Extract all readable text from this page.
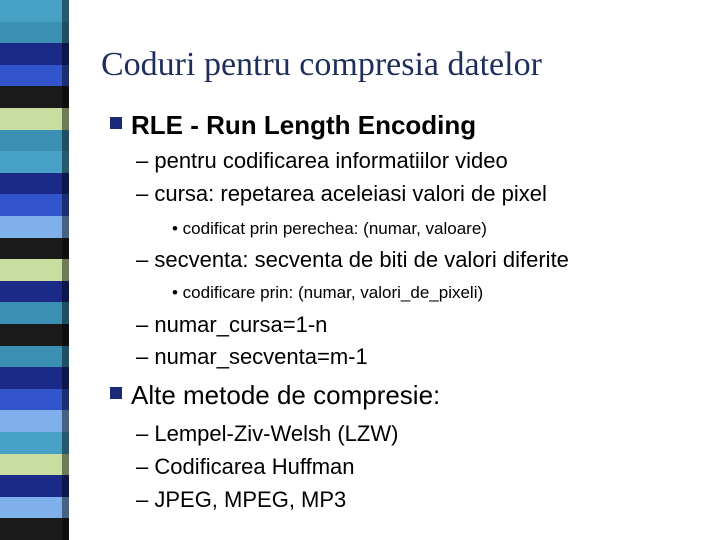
Coduri pentru compresia datelor
RLE - Run Length Encoding
– pentru codificarea informatiilor video
– cursa: repetarea aceleiasi valori de pixel
• codificat prin perechea: (numar, valoare)
– secventa: secventa de biti de valori diferite
• codificare prin: (numar, valori_de_pixeli)
– numar_cursa=1-n
– numar_secventa=m-1
Alte metode de compresie:
– Lempel-Ziv-Welsh (LZW)
– Codificarea Huffman
– JPEG, MPEG, MP3
